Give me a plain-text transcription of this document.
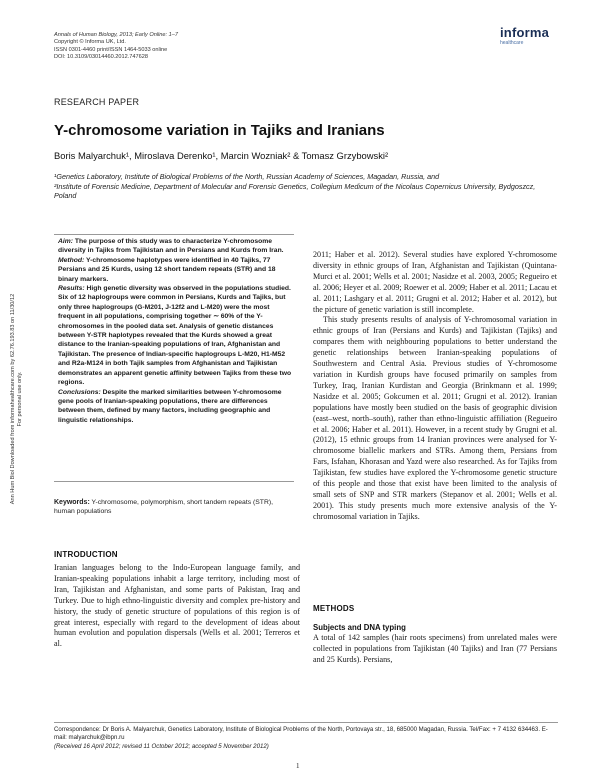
Annals of Human Biology, 2013; Early Online: 1–7
Copyright © Informa UK, Ltd.
ISSN 0301-4460 print/ISSN 1464-5033 online
DOI: 10.3109/03014460.2012.747628
informa
healthcare
Ann Hum Biol Downloaded from informahealthcare.com by 62.76.193.83 on 11/30/12 For personal use only.
RESEARCH PAPER
Y-chromosome variation in Tajiks and Iranians
Boris Malyarchuk¹, Miroslava Derenko¹, Marcin Wozniak² & Tomasz Grzybowski²
¹Genetics Laboratory, Institute of Biological Problems of the North, Russian Academy of Sciences, Magadan, Russia, and
²Institute of Forensic Medicine, Department of Molecular and Forensic Genetics, Collegium Medicum of the Nicolaus Copernicus University, Bydgoszcz, Poland

Aim: The purpose of this study was to characterize Y-chromosome diversity in Tajiks from Tajikistan and in Persians and Kurds from Iran.

Method: Y-chromosome haplotypes were identified in 40 Tajiks, 77 Persians and 25 Kurds, using 12 short tandem repeats (STR) and 18 binary markers.

Results: High genetic diversity was observed in the populations studied. Six of 12 haplogroups were common in Persians, Kurds and Tajiks, but only three haplogroups (G-M201, J-12f2 and L-M20) were the most frequent in all populations, comprising together ∼ 60% of the Y-chromosomes in the pooled data set. Analysis of genetic distances between Y-STR haplotypes revealed that the Kurds showed a great distance to the Iranian-speaking populations of Iran, Afghanistan and Tajikistan. The presence of Indian-specific haplogroups L-M20, H1-M52 and R2a-M124 in both Tajik samples from Afghanistan and Tajikistan demonstrates an apparent genetic affinity between Tajiks from these two regions.

Conclusions: Despite the marked similarities between Y-chromosome gene pools of Iranian-speaking populations, there are differences between them, defined by many factors, including geographic and linguistic relationships.

Keywords: Y-chromosome, polymorphism, short tandem repeats (STR), human populations
INTRODUCTION

Iranian languages belong to the Indo-European language family, and Iranian-speaking populations inhabit a large territory, including most of Iran, Tajikistan and Afghanistan, and some parts of Pakistan, Iraq and Turkey. Due to high ethno-linguistic diversity and complex pre-history and history, the study of genetic structure of populations of this region is of great interest, especially with regard to the development of ideas about human evolution and population dispersals (Wells et al. 2001; Terreros et al.

2011; Haber et al. 2012). Several studies have explored Y-chromosome diversity in ethnic groups of Iran, Afghanistan and Tajikistan (Quintana-Murci et al. 2001; Wells et al. 2001; Nasidze et al. 2003, 2005; Regueiro et al. 2006; Heyer et al. 2009; Roewer et al. 2009; Haber et al. 2011; Lacau et al. 2011; Lashgary et al. 2011; Grugni et al. 2012; Haber et al. 2012), but the picture of genetic variation is still incomplete.

This study presents results of analysis of Y-chromosomal variation in ethnic groups of Iran (Persians and Kurds) and Tajikistan (Tajiks) and compares them with neighbouring populations to better understand the genetic relationships between Iranian-speaking populations of Southwestern and Central Asia. Previous studies of Y-chromosome variation in Kurdish groups have focused primarily on samples from Turkey, Iraq, Iranian Kurdistan and Georgia (Brinkmann et al. 1999; Nasidze et al. 2005; Gokcumen et al. 2011; Grugni et al. 2012). Iranian populations have mostly been studied on the basis of geographic division (east–west, north–south), rather than ethno-linguistic affiliation (Regueiro et al. 2006; Haber et al. 2011). However, in a recent study by Grugni et al. (2012), 15 ethnic groups from 14 Iranian provinces were analysed for Y-chromosome biallelic markers and STRs. Among them, Persians from Fars, Isfahan, Khorasan and Yazd were also researched. As for Tajiks from Tajikistan, few studies have explored the Y-chromosome genetic structure of this people and those that exist have been limited to the analysis of small sets of SNP and STR markers (Stepanov et al. 2001; Wells et al. 2001). This study presents much more extensive analysis of the Y-chromosomal variation in Tajiks.

METHODS
Subjects and DNA typing
A total of 142 samples (hair roots specimens) from unrelated males were collected in populations from Tajikistan (40 Tajiks) and Iran (77 Persians and 25 Kurds). Persians,
Correspondence: Dr Boris A. Malyarchuk, Genetics Laboratory, Institute of Biological Problems of the North, Portovaya str., 18, 685000 Magadan, Russia. Tel/Fax: + 7 4132 634463. E-mail: malyarchuk@ibpn.ru
(Received 16 April 2012; revised 11 October 2012; accepted 5 November 2012)
1
